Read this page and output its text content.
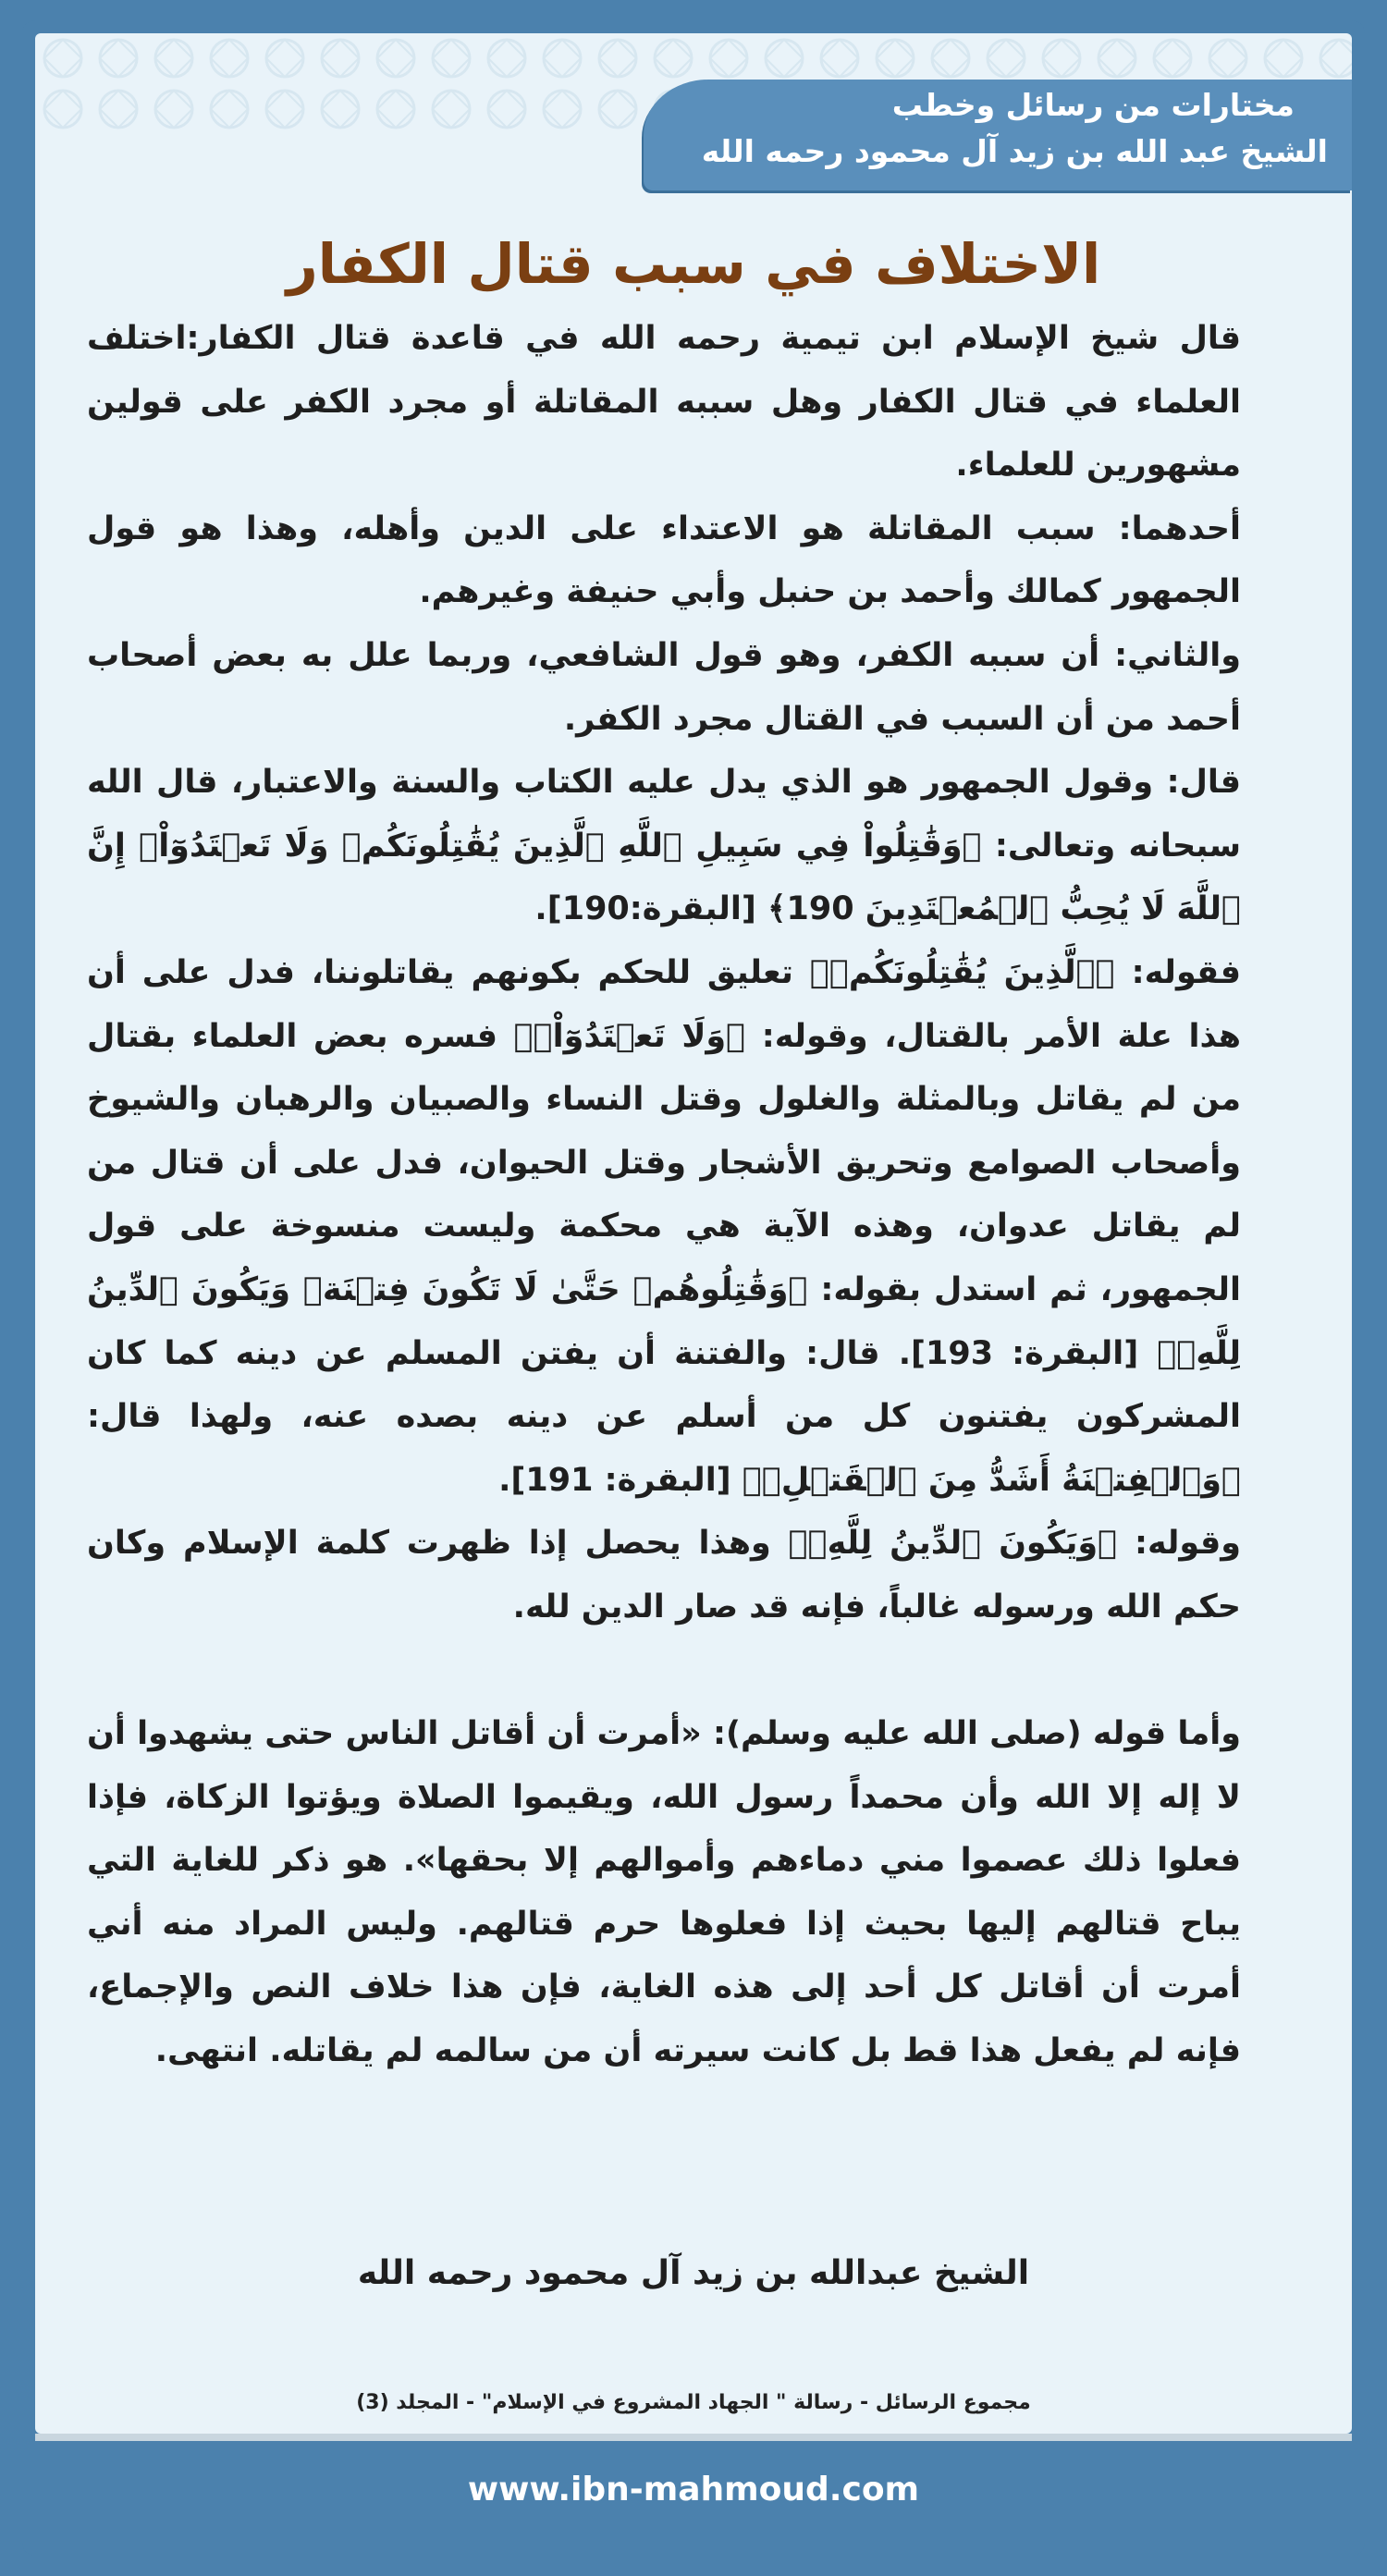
مختارات من رسائل وخطب
الشيخ عبد الله بن زيد آل محمود رحمه الله
الاختلاف في سبب قتال الكفار

قال شيخ الإسلام ابن تيمية رحمه الله في قاعدة قتال الكفار:اختلف العلماء في قتال الكفار وهل سببه المقاتلة أو مجرد الكفر على قولين مشهورين للعلماء.

أحدهما: سبب المقاتلة هو الاعتداء على الدين وأهله، وهذا هو قول الجمهور كمالك وأحمد بن حنبل وأبي حنيفة وغيرهم.

والثاني: أن سببه الكفر، وهو قول الشافعي، وربما علل به بعض أصحاب أحمد من أن السبب في القتال مجرد الكفر.

قال: وقول الجمهور هو الذي يدل عليه الكتاب والسنة والاعتبار، قال الله سبحانه وتعالى: ﴿وَقَٰتِلُواْ فِي سَبِيلِ ٱللَّهِ ٱلَّذِينَ يُقَٰتِلُونَكُمۡ وَلَا تَعۡتَدُوٓاْۚ إِنَّ ٱللَّهَ لَا يُحِبُّ ٱلۡمُعۡتَدِينَ 190﴾ [البقرة:190].

فقوله: ﴿ٱلَّذِينَ يُقَٰتِلُونَكُمۡ﴾ تعليق للحكم بكونهم يقاتلوننا، فدل على أن هذا علة الأمر بالقتال، وقوله: ﴿وَلَا تَعۡتَدُوٓاْۚ﴾ فسره بعض العلماء بقتال من لم يقاتل وبالمثلة والغلول وقتل النساء والصبيان والرهبان والشيوخ وأصحاب الصوامع وتحريق الأشجار وقتل الحيوان، فدل على أن قتال من لم يقاتل عدوان، وهذه الآية هي محكمة وليست منسوخة على قول الجمهور، ثم استدل بقوله: ﴿وَقَٰتِلُوهُمۡ حَتَّىٰ لَا تَكُونَ فِتۡنَةٞ وَيَكُونَ ٱلدِّينُ لِلَّهِۖ﴾ [البقرة: 193]. قال: والفتنة أن يفتن المسلم عن دينه كما كان المشركون يفتنون كل من أسلم عن دينه بصده عنه، ولهذا قال: ﴿وَٱلۡفِتۡنَةُ أَشَدُّ مِنَ ٱلۡقَتۡلِۚ﴾ [البقرة: 191].

وقوله: ﴿وَيَكُونَ ٱلدِّينُ لِلَّهِۖ﴾ وهذا يحصل إذا ظهرت كلمة الإسلام وكان حكم الله ورسوله غالباً، فإنه قد صار الدين لله.

وأما قوله (صلى الله عليه وسلم): «أمرت أن أقاتل الناس حتى يشهدوا أن لا إله إلا الله وأن محمداً رسول الله، ويقيموا الصلاة ويؤتوا الزكاة، فإذا فعلوا ذلك عصموا مني دماءهم وأموالهم إلا بحقها». هو ذكر للغاية التي يباح قتالهم إليها بحيث إذا فعلوها حرم قتالهم. وليس المراد منه أني أمرت أن أقاتل كل أحد إلى هذه الغاية، فإن هذا خلاف النص والإجماع، فإنه لم يفعل هذا قط بل كانت سيرته أن من سالمه لم يقاتله. انتهى.

الشيخ عبدالله بن زيد آل محمود رحمه الله

مجموع الرسائل - رسالة " الجهاد المشروع في الإسلام" - المجلد (3)

www.ibn-mahmoud.com
